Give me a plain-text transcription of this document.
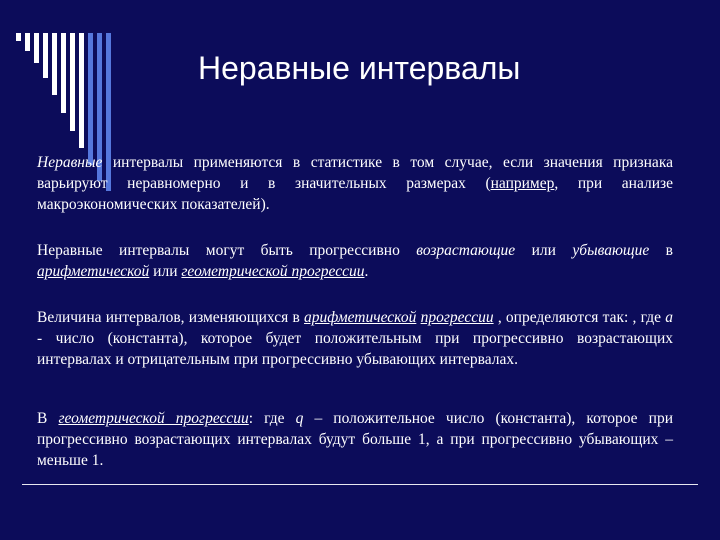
Неравные интервалы

Неравные интервалы применяются в статистике в том случае, если значения признака варьируют неравномерно и в значительных размерах (например, при анализе макроэкономических показателей).

Неравные интервалы могут быть прогрессивно возрастающие или убывающие в арифметической или геометрической прогрессии.

Величина интервалов, изменяющихся в арифметической прогрессии , определяются так: , где а - число (константа), которое будет положительным при прогрессивно возрастающих интервалах и отрицательным при прогрессивно убывающих интервалах.

В геометрической прогрессии: где q – положительное число (константа), которое при прогрессивно возрастающих интервалах будут больше 1, а при прогрессивно убывающих – меньше 1.
